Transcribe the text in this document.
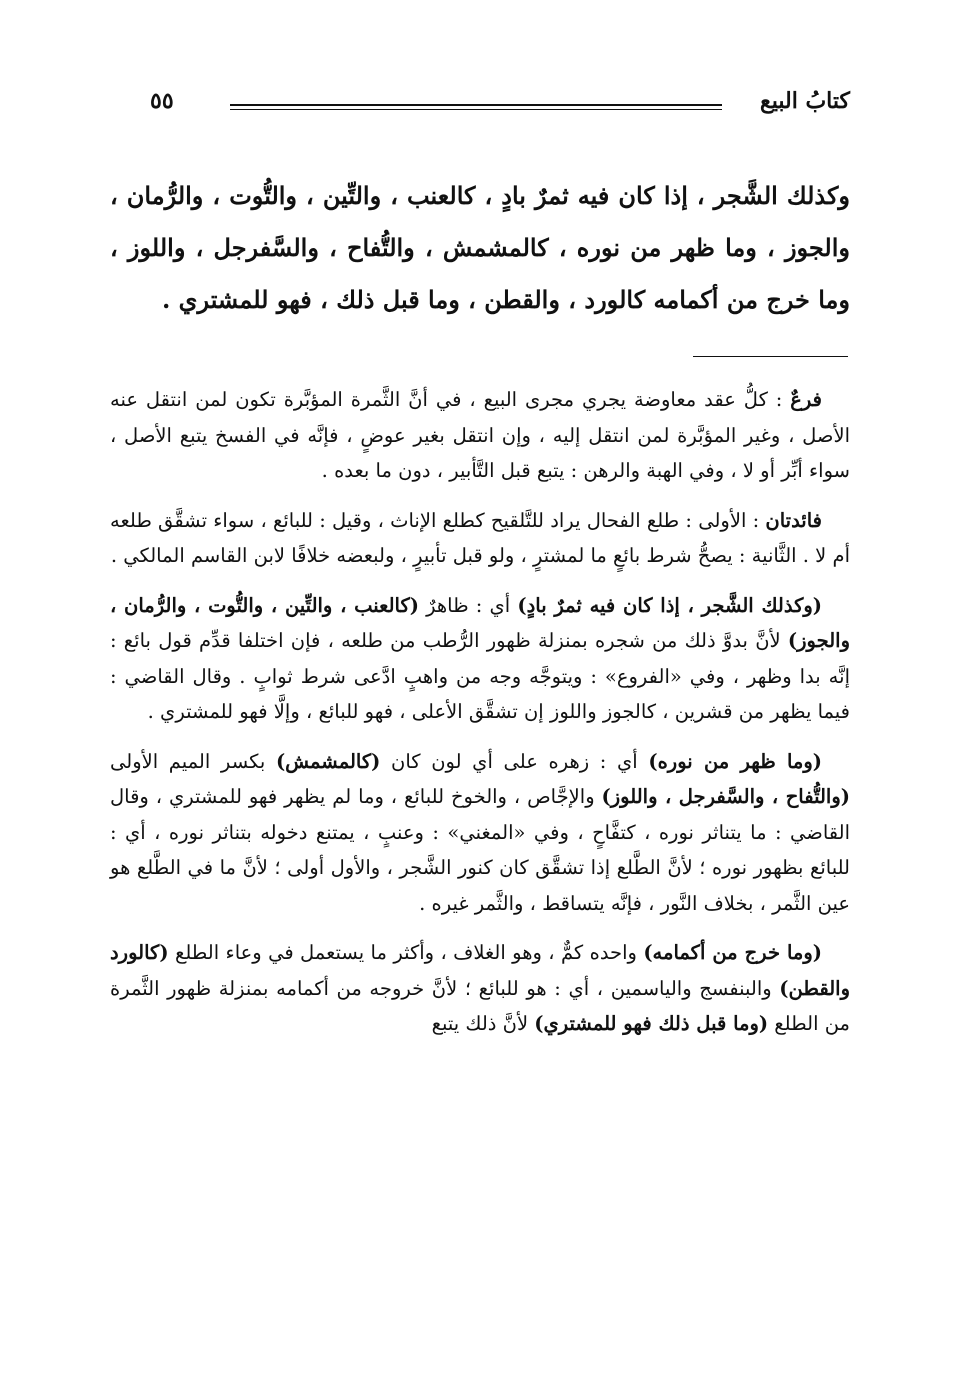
كتابُ البيع
٥٥
وكذلك الشَّجر ، إذا كان فيه ثمرٌ بادٍ ، كالعنب ، والتِّين ، والتُّوت ، والرُّمان ، والجوز ، وما ظهر من نوره ، كالمشمش ، والتُّفاح ، والسَّفرجل ، واللوز ، وما خرج من أكمامه كالورد ، والقطن ، وما قبل ذلك ، فهو للمشتري .

فرعٌ : كلُّ عقد معاوضة يجري مجرى البيع ، في أنَّ الثَّمرة المؤبَّرة تكون لمن انتقل عنه الأصل ، وغير المؤبَّرة لمن انتقل إليه ، وإن انتقل بغير عوضٍ ، فإنَّه في الفسخ يتبع الأصل ، سواء أبِّر أو لا ، وفي الهبة والرهن : يتبع قبل التَّأبير ، دون ما بعده .

فائدتان : الأولى : طلع الفحال يراد للتَّلقيح كطلع الإناث ، وقيل : للبائع ، سواء تشقَّق طلعه أم لا . الثَّانية : يصحُّ شرط بائعٍ ما لمشترٍ ، ولو قبل تأبيرٍ ، ولبعضه خلافًا لابن القاسم المالكي .

(وكذلك الشَّجر ، إذا كان فيه ثمرٌ بادٍ) أي : ظاهرٌ (كالعنب ، والتِّين ، والتُّوت ، والرُّمان ، والجوز) لأنَّ بدوَّ ذلك من شجره بمنزلة ظهور الرُّطب من طلعه ، فإن اختلفا قدِّم قول بائع : إنَّه بدا وظهر ، وفي «الفروع» : ويتوجَّه وجه من واهبٍ ادَّعى شرط ثوابٍ . وقال القاضي : فيما يظهر من قشرين ، كالجوز واللوز إن تشقَّق الأعلى ، فهو للبائع ، وإلَّا فهو للمشتري .

(وما ظهر من نوره) أي : زهره على أي لون كان (كالمشمش) بكسر الميم الأولى (والتُّفاح ، والسَّفرجل ، واللوز) والإجَّاص ، والخوخ للبائع ، وما لم يظهر فهو للمشتري ، وقال القاضي : ما يتناثر نوره ، كتفَّاحٍ ، وفي «المغني» : وعنبٍ ، يمتنع دخوله بتناثر نوره ، أي : للبائع بظهور نوره ؛ لأنَّ الطَّلع إذا تشقَّق كان كنور الشَّجر ، والأول أولى ؛ لأنَّ ما في الطَّلع هو عين الثَّمر ، بخلاف النَّور ، فإنَّه يتساقط ، والثَّمر غيره .

(وما خرج من أكمامه) واحده كمٌّ ، وهو الغلاف ، وأكثر ما يستعمل في وعاء الطلع (كالورد والقطن) والبنفسج والياسمين ، أي : هو للبائع ؛ لأنَّ خروجه من أكمامه بمنزلة ظهور الثَّمرة من الطلع (وما قبل ذلك فهو للمشتري) لأنَّ ذلك يتبع
